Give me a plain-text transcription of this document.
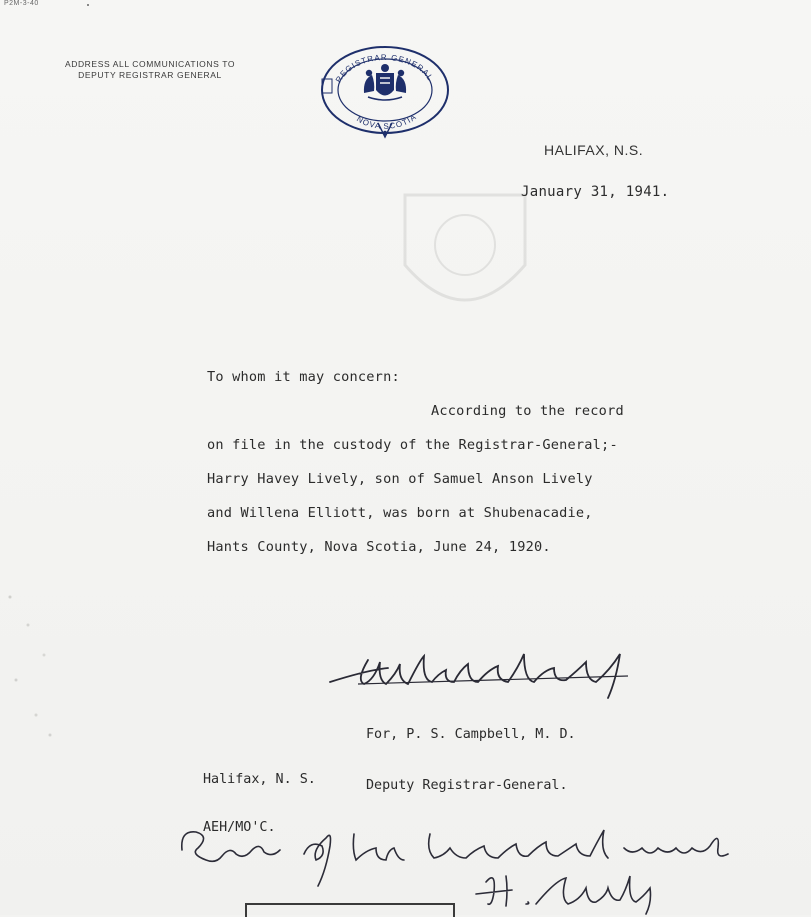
P2M-3-40
ADDRESS ALL COMMUNICATIONS TO
DEPUTY REGISTRAR GENERAL	REGISTRAR GENERAL
NOVA SCOTIA
HALIFAX, N.S.
January 31, 1941.
To whom it may concern:
According to the record
on file in the custody of the Registrar-General;-
Harry Havey Lively, son of Samuel Anson Lively
and Willena Elliott, was born at Shubenacadie,
Hants County, Nova Scotia, June 24, 1920.

For, P. S. Campbell, M. D.

Deputy Registrar-General.

Halifax, N. S.

AEH/MO'C.
